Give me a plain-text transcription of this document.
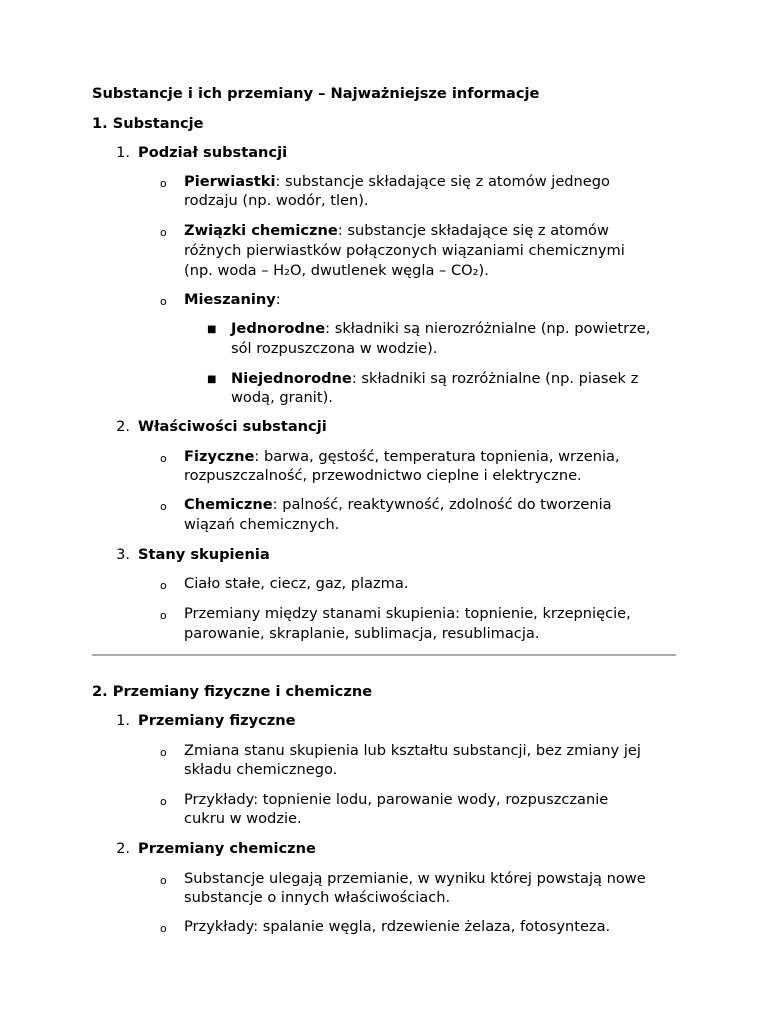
Substancje i ich przemiany – Najważniejsze informacje
1. Substancje
1. Podział substancji
o Pierwiastki: substancje składające się z atomów jednego
rodzaju (np. wodór, tlen).
o Związki chemiczne: substancje składające się z atomów
różnych pierwiastków połączonych wiązaniami chemicznymi
(np. woda – H₂O, dwutlenek węgla – CO₂).
o Mieszaniny:
■ Jednorodne: składniki są nierozróżnialne (np. powietrze,
sól rozpuszczona w wodzie).
■ Niejednorodne: składniki są rozróżnialne (np. piasek z
wodą, granit).
2. Właściwości substancji
o Fizyczne: barwa, gęstość, temperatura topnienia, wrzenia,
rozpuszczalność, przewodnictwo cieplne i elektryczne.
o Chemiczne: palność, reaktywność, zdolność do tworzenia
wiązań chemicznych.
3. Stany skupienia
o Ciało stałe, ciecz, gaz, plazma.
o Przemiany między stanami skupienia: topnienie, krzepnięcie,
parowanie, skraplanie, sublimacja, resublimacja.
2. Przemiany fizyczne i chemiczne
1. Przemiany fizyczne
o Zmiana stanu skupienia lub kształtu substancji, bez zmiany jej
składu chemicznego.
o Przykłady: topnienie lodu, parowanie wody, rozpuszczanie
cukru w wodzie.
2. Przemiany chemiczne
o Substancje ulegają przemianie, w wyniku której powstają nowe
substancje o innych właściwościach.
o Przykłady: spalanie węgla, rdzewienie żelaza, fotosynteza.
